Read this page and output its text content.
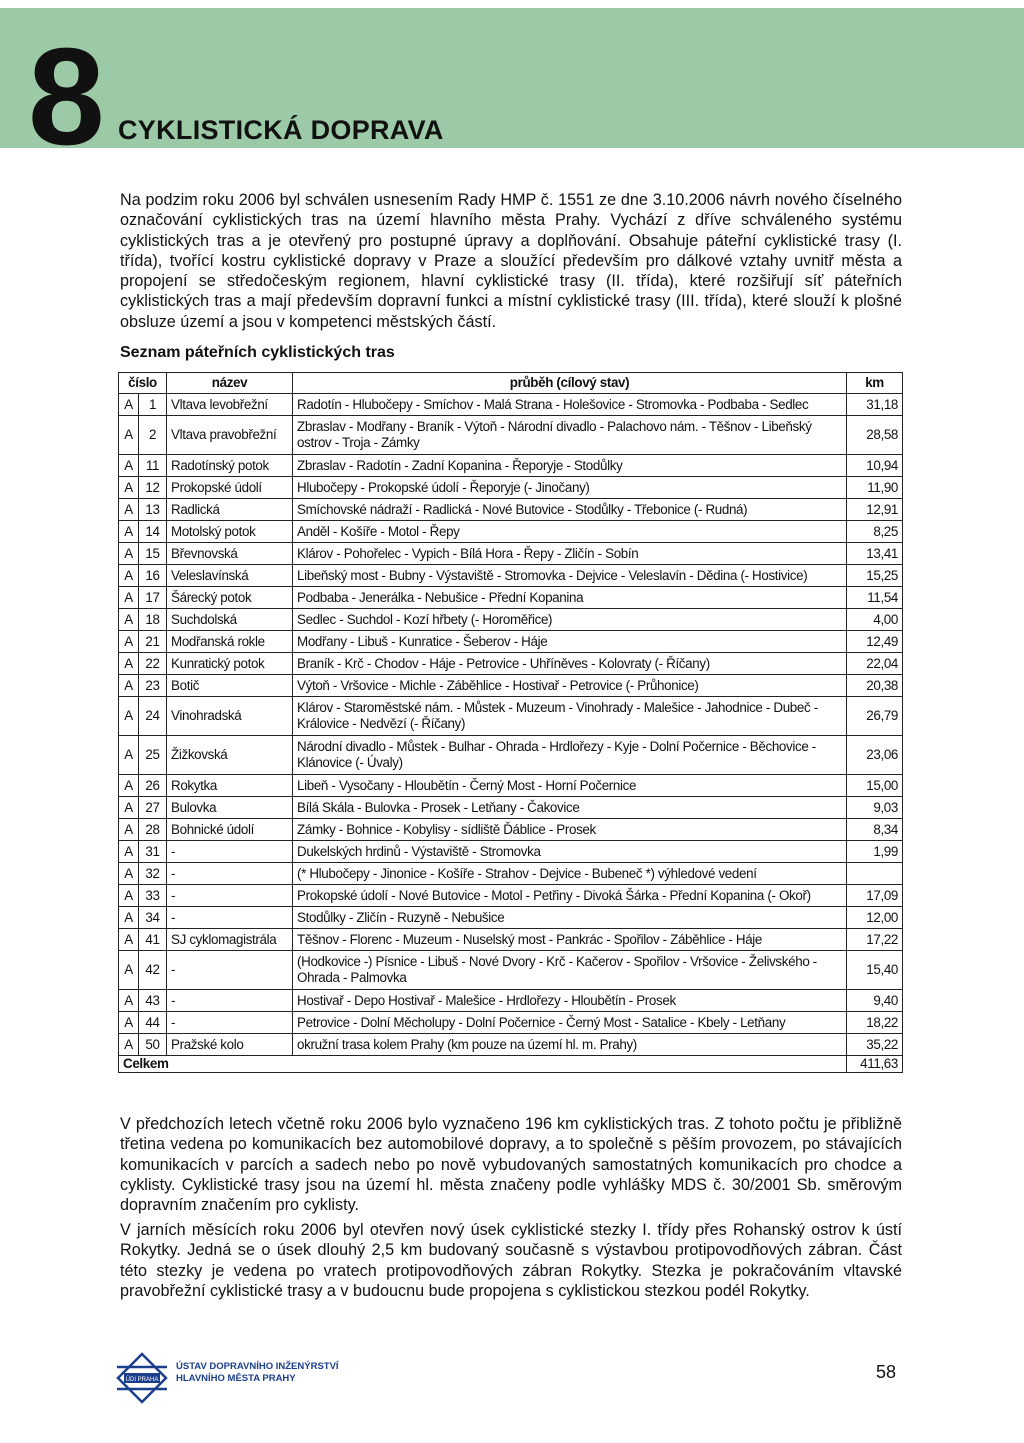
8 CYKLISTICKÁ DOPRAVA

Na podzim roku 2006 byl schválen usnesením Rady HMP č. 1551 ze dne 3.10.2006 návrh nového číselného označování cyklistických tras na území hlavního města Prahy. Vychází z dříve schváleného systému cyklistických tras a je otevřený pro postupné úpravy a doplňování. Obsahuje páteřní cyklistické trasy (I. třída), tvořící kostru cyklistické dopravy v Praze a sloužící především pro dálkové vztahy uvnitř města a propojení se středočeským regionem, hlavní cyklistické trasy (II. třída), které rozšiřují síť páteřních cyklistických tras a mají především dopravní funkci a místní cyklistické trasy (III. třída), které slouží k plošné obsluze území a jsou v kompetenci městských částí.

Seznam páteřních cyklistických tras
číslo		název	průběh (cílový stav)	km
A	1	Vltava levobřežní	Radotín - Hlubočepy - Smíchov - Malá Strana - Holešovice - Stromovka - Podbaba - Sedlec	31,18
A	2	Vltava pravobřežní	Zbraslav - Modřany - Braník - Výtoň - Národní divadlo - Palachovo nám. - Těšnov - Libeňský ostrov - Troja - Zámky	28,58
A	11	Radotínský potok	Zbraslav - Radotín - Zadní Kopanina - Řeporyje - Stodůlky	10,94
A	12	Prokopské údolí	Hlubočepy - Prokopské údolí - Řeporyje (- Jinočany)	11,90
A	13	Radlická	Smíchovské nádraží - Radlická - Nové Butovice - Stodůlky - Třebonice (- Rudná)	12,91
A	14	Motolský potok	Anděl - Košíře - Motol - Řepy	8,25
A	15	Břevnovská	Klárov - Pohořelec - Vypich - Bílá Hora - Řepy - Zličín - Sobín	13,41
A	16	Veleslavínská	Libeňský most - Bubny - Výstaviště - Stromovka - Dejvice - Veleslavín - Dědina (- Hostivice)	15,25
A	17	Šárecký potok	Podbaba - Jenerálka - Nebušice - Přední Kopanina	11,54
A	18	Suchdolská	Sedlec - Suchdol - Kozí hřbety (- Horoměřice)	4,00
A	21	Modřanská rokle	Modřany - Libuš - Kunratice - Šeberov - Háje	12,49
A	22	Kunratický potok	Braník - Krč - Chodov - Háje - Petrovice - Uhříněves - Kolovraty (- Říčany)	22,04
A	23	Botič	Výtoň - Vršovice - Michle - Záběhlice - Hostivař - Petrovice (- Průhonice)	20,38
A	24	Vinohradská	Klárov - Staroměstské nám. - Můstek - Muzeum - Vinohrady - Malešice - Jahodnice - Dubeč - Královice - Nedvězí (- Říčany)	26,79
A	25	Žižkovská	Národní divadlo - Můstek - Bulhar - Ohrada - Hrdlořezy - Kyje - Dolní Počernice - Běchovice - Klánovice (- Úvaly)	23,06
A	26	Rokytka	Libeň - Vysočany - Hloubětín - Černý Most - Horní Počernice	15,00
A	27	Bulovka	Bílá Skála - Bulovka - Prosek - Letňany - Čakovice	9,03
A	28	Bohnické údolí	Zámky - Bohnice - Kobylisy - sídliště Ďáblice - Prosek	8,34
A	31	-	Dukelských hrdinů - Výstaviště - Stromovka	1,99
A	32	-	(* Hlubočepy - Jinonice - Košíře - Strahov - Dejvice - Bubeneč *) výhledové vedení	
A	33	-	Prokopské údolí - Nové Butovice - Motol - Petřiny - Divoká Šárka - Přední Kopanina (- Okoř)	17,09
A	34	-	Stodůlky - Zličín - Ruzyně - Nebušice	12,00
A	41	SJ cyklomagistrála	Těšnov - Florenc - Muzeum - Nuselský most - Pankrác - Spořilov - Záběhlice - Háje	17,22
A	42	-	(Hodkovice -) Písnice - Libuš - Nové Dvory - Krč - Kačerov - Spořilov - Vršovice - Želivského - Ohrada - Palmovka	15,40
A	43	-	Hostivař - Depo Hostivař - Malešice - Hrdlořezy - Hloubětín - Prosek	9,40
A	44	-	Petrovice - Dolní Měcholupy - Dolní Počernice - Černý Most - Satalice - Kbely - Letňany	18,22
A	50	Pražské kolo	okružní trasa kolem Prahy (km pouze na území hl. m. Prahy)	35,22
Celkem				411,63

V předchozích letech včetně roku 2006 bylo vyznačeno 196 km cyklistických tras. Z tohoto počtu je přibližně třetina vedena po komunikacích bez automobilové dopravy, a to společně s pěším provozem, po stávajících komunikacích v parcích a sadech nebo po nově vybudovaných samostatných komunikacích pro chodce a cyklisty. Cyklistické trasy jsou na území hl. města značeny podle vyhlášky MDS č. 30/2001 Sb. směrovým dopravním značením pro cyklisty.

V jarních měsících roku 2006 byl otevřen nový úsek cyklistické stezky I. třídy přes Rohanský ostrov k ústí Rokytky. Jedná se o úsek dlouhý 2,5 km budovaný současně s výstavbou protipovodňových zábran. Část této stezky je vedena po vratech protipovodňových zábran Rokytky. Stezka je pokračováním vltavské pravobřežní cyklistické trasy a v budoucnu bude propojena s cyklistickou stezkou podél Rokytky.

ÚDI PRAHA
ÚSTAV DOPRAVNÍHO INŽENÝRSTVÍ
HLAVNÍHO MĚSTA PRAHY	58
